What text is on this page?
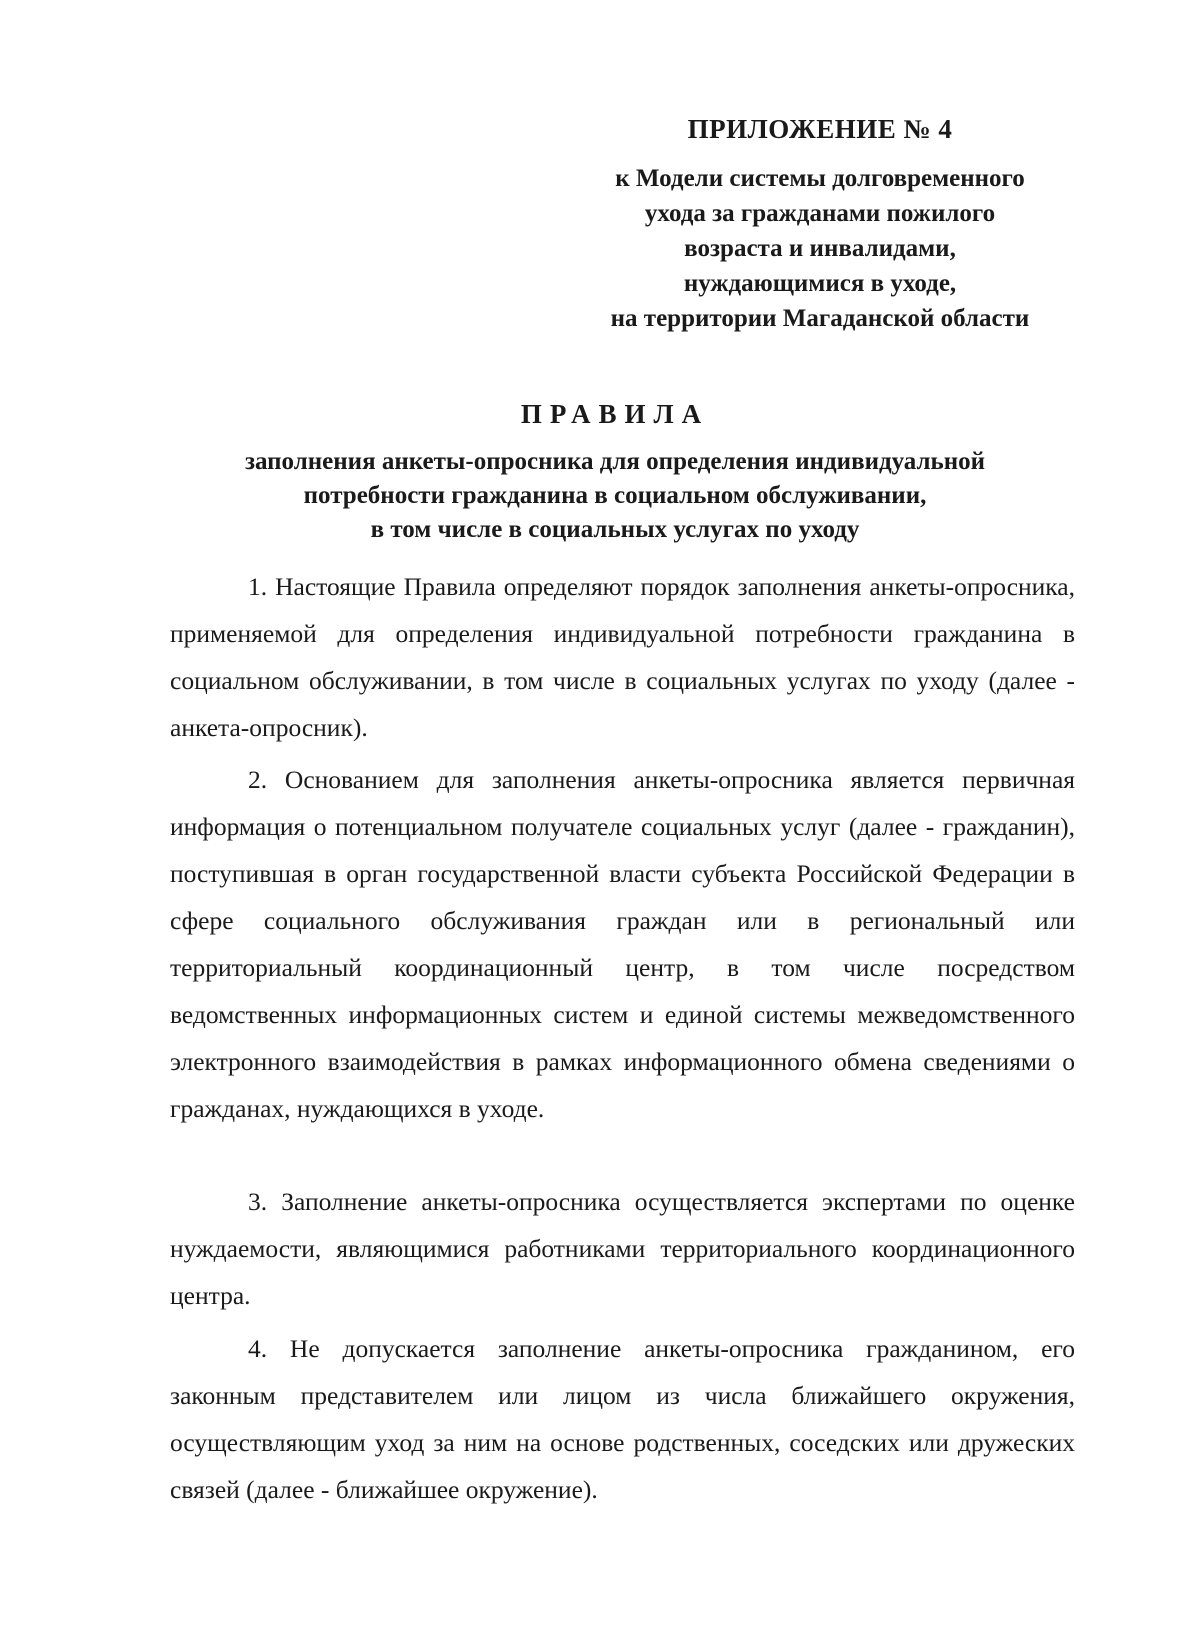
ПРИЛОЖЕНИЕ № 4
к Модели системы долговременного
ухода за гражданами пожилого
возраста и инвалидами,
нуждающимися в уходе,
на территории Магаданской области
ПРАВИЛА
заполнения анкеты-опросника для определения индивидуальной
потребности гражданина в социальном обслуживании,
в том числе в социальных услугах по уходу

1. Настоящие Правила определяют порядок заполнения анкеты-опросника, применяемой для определения индивидуальной потребности гражданина в социальном обслуживании, в том числе в социальных услугах по уходу (далее - анкета-опросник).

2. Основанием для заполнения анкеты-опросника является первичная информация о потенциальном получателе социальных услуг (далее - гражданин), поступившая в орган государственной власти субъекта Российской Федерации в сфере социального обслуживания граждан или в региональный или территориальный координационный центр, в том числе посредством ведомственных информационных систем и единой системы межведомственного электронного взаимодействия в рамках информационного обмена сведениями о гражданах, нуждающихся в уходе.

3. Заполнение анкеты-опросника осуществляется экспертами по оценке нуждаемости, являющимися работниками территориального координационного центра.

4. Не допускается заполнение анкеты-опросника гражданином, его законным представителем или лицом из числа ближайшего окружения, осуществляющим уход за ним на основе родственных, соседских или дружеских связей (далее - ближайшее окружение).
